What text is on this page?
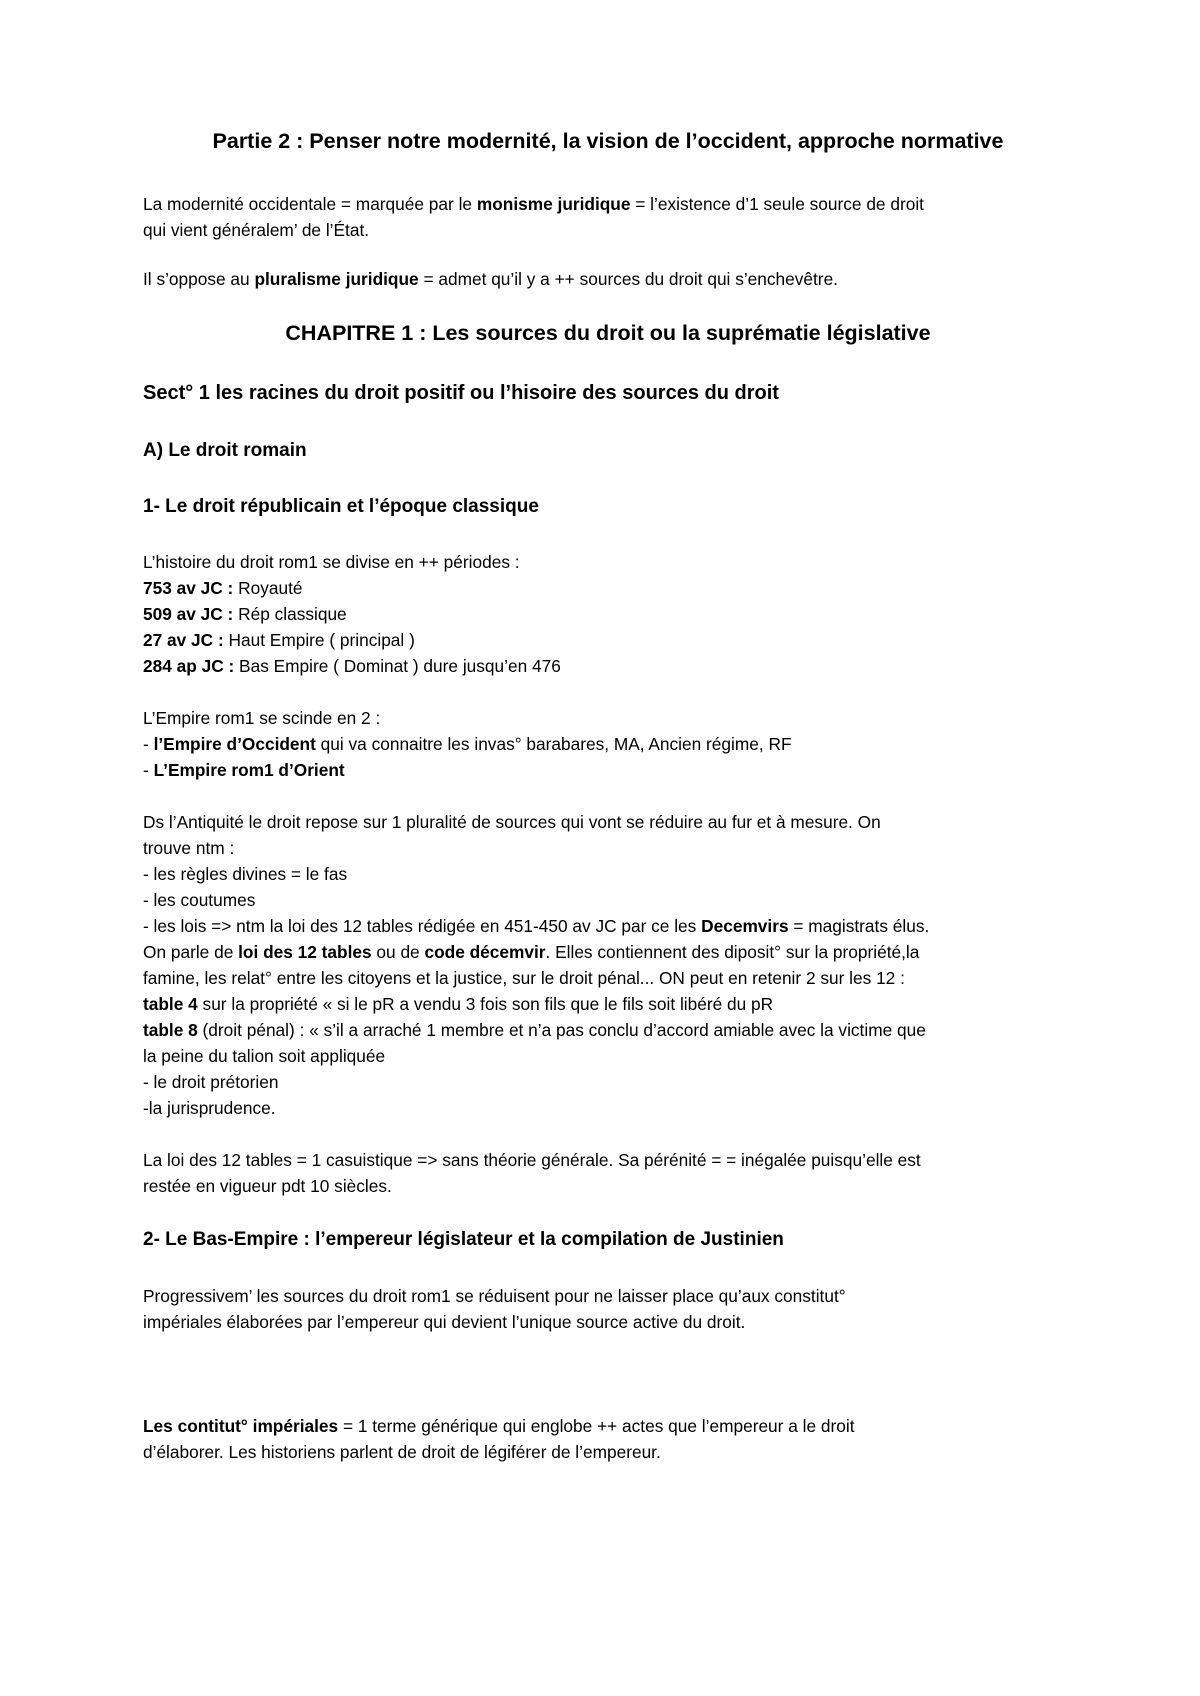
Partie 2 : Penser notre modernité, la vision de l’occident, approche normative
La modernité occidentale = marquée par le monisme juridique = l’existence d’1 seule source de droit
qui vient généralem’ de l’État.
Il s’oppose au pluralisme juridique = admet qu’il y a ++ sources du droit qui s’enchevêtre.
CHAPITRE 1 : Les sources du droit ou la suprématie législative
Sect° 1 les racines du droit positif ou l’hisoire des sources du droit
A) Le droit romain
1- Le droit républicain et l’époque classique
L’histoire du droit rom1 se divise en ++ périodes :
753 av JC : Royauté
509 av JC : Rép classique
27 av JC : Haut Empire ( principal )
284 ap JC : Bas Empire ( Dominat ) dure jusqu’en 476
L’Empire rom1 se scinde en 2 :
- l’Empire d’Occident qui va connaitre les invas° barabares, MA, Ancien régime, RF
- L’Empire rom1 d’Orient
Ds l’Antiquité le droit repose sur 1 pluralité de sources qui vont se réduire au fur et à mesure. On
trouve ntm :
- les règles divines = le fas
- les coutumes
- les lois => ntm la loi des 12 tables rédigée en 451-450 av JC par ce les Decemvirs = magistrats élus.
On parle de loi des 12 tables ou de code décemvir. Elles contiennent des diposit° sur la propriété,la
famine, les relat° entre les citoyens et la justice, sur le droit pénal... ON peut en retenir 2 sur les 12 :
table 4 sur la propriété « si le pR a vendu 3 fois son fils que le fils soit libéré du pR
table 8 (droit pénal) : « s’il a arraché 1 membre et n’a pas conclu d’accord amiable avec la victime que
la peine du talion soit appliquée
- le droit prétorien
-la jurisprudence.
La loi des 12 tables = 1 casuistique => sans théorie générale. Sa pérénité = = inégalée puisqu’elle est
restée en vigueur pdt 10 siècles.
2- Le Bas-Empire : l’empereur législateur et la compilation de Justinien
Progressivem’ les sources du droit rom1 se réduisent pour ne laisser place qu’aux constitut°
impériales élaborées par l’empereur qui devient l’unique source active du droit.
Les contitut° impériales = 1 terme générique qui englobe ++ actes que l’empereur a le droit
d’élaborer. Les historiens parlent de droit de légiférer de l’empereur.
